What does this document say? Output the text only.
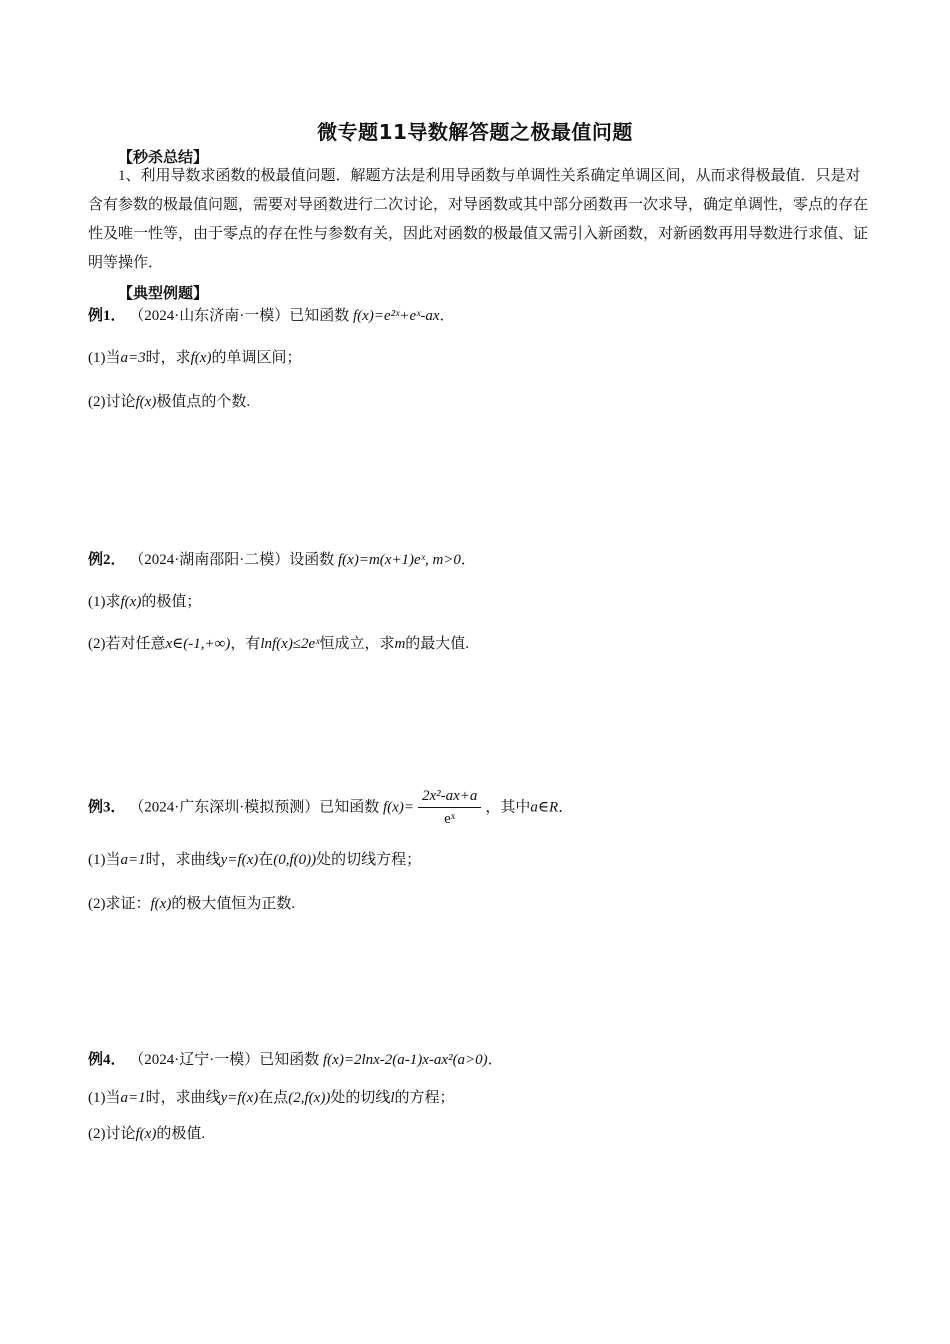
微专题11导数解答题之极最值问题
【秒杀总结】
1、利用导数求函数的极最值问题．解题方法是利用导函数与单调性关系确定单调区间，从而求得极最值．只是对含有参数的极最值问题，需要对导函数进行二次讨论，对导函数或其中部分函数再一次求导，确定单调性，零点的存在性及唯一性等，由于零点的存在性与参数有关，因此对函数的极最值又需引入新函数，对新函数再用导数进行求值、证明等操作．
【典型例题】
例1． （2024·山东济南·一模）已知函数 f(x)=e²ˣ+eˣ-ax．
(1)当a=3时，求f(x)的单调区间；
(2)讨论f(x)极值点的个数.
例2． （2024·湖南邵阳·二模）设函数 f(x)=m(x+1)eˣ, m>0．
(1)求f(x)的极值；
(2)若对任意x∈(-1,+∞)，有lnf(x)≤2eˣ恒成立，求m的最大值.
例3． （2024·广东深圳·模拟预测）已知函数 $f(x)= \frac{\text{2x²-ax+a}}{\text{eˣ}}$ ，其中a∈R．
(1)当a=1时，求曲线y=f(x)在(0,f(0))处的切线方程；
(2)求证：f(x)的极大值恒为正数.
例4． （2024·辽宁·一模）已知函数 f(x)=2lnx-2(a-1)x-ax²(a>0)．
(1)当a=1时，求曲线y=f(x)在点(2,f(x))处的切线l的方程；
(2)讨论f(x)的极值.
